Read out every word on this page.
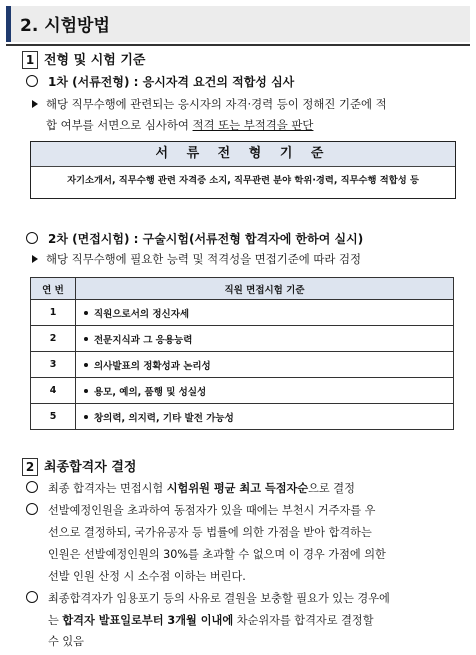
2. 시험방법
1 전형 및 시험 기준
1차 (서류전형) : 응시자격 요건의 적합성 심사
해당 직무수행에 관련되는 응시자의 자격·경력 등이 정해진 기준에 적
합 여부를 서면으로 심사하여 적격 또는 부적격을 판단
서 류 전 형 기 준
자기소개서, 직무수행 관련 자격증 소지, 직무관련 분야 학위·경력, 직무수행 적합성 등
2차 (면접시험) : 구술시험(서류전형 합격자에 한하여 실시)
해당 직무수행에 필요한 능력 및 적격성을 면접기준에 따라 검정
연 번	직원 면접시험 기준
1	직원으로서의 정신자세
2	전문지식과 그 응용능력
3	의사발표의 정확성과 논리성
4	용모, 예의, 품행 및 성실성
5	창의력, 의지력, 기타 발전 가능성
2 최종합격자 결정
최종 합격자는 면접시험 시험위원 평균 최고 득점자순으로 결정
선발예정인원을 초과하여 동점자가 있을 때에는 부천시 거주자를 우
선으로 결정하되, 국가유공자 등 법률에 의한 가점을 받아 합격하는
인원은 선발예정인원의 30%를 초과할 수 없으며 이 경우 가점에 의한
선발 인원 산정 시 소수점 이하는 버린다.
최종합격자가 임용포기 등의 사유로 결원을 보충할 필요가 있는 경우에
는 합격자 발표일로부터 3개월 이내에 차순위자를 합격자로 결정할
수 있음
